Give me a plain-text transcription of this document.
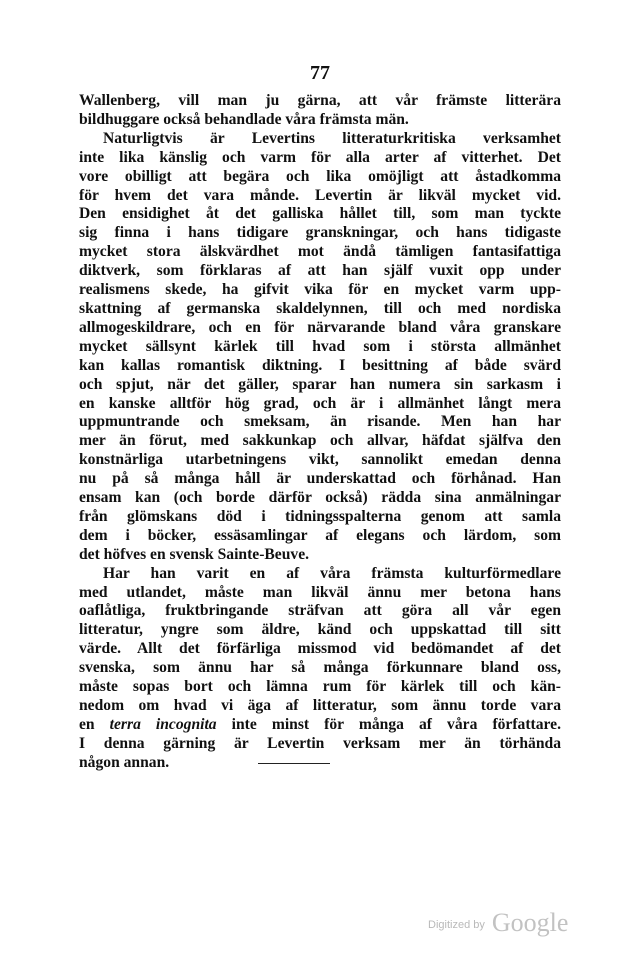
77
Wallenberg, vill man ju gärna, att vår främste litterära
bildhuggare också behandlade våra främsta män.
Naturligtvis är Levertins litteraturkritiska verksamhet
inte lika känslig och varm för alla arter af vitterhet. Det
vore obilligt att begära och lika omöjligt att åstadkomma
för hvem det vara månde. Levertin är likväl mycket vid.
Den ensidighet åt det galliska hållet till, som man tyckte
sig finna i hans tidigare granskningar, och hans tidigaste
mycket stora älskvärdhet mot ändå tämligen fantasifattiga
diktverk, som förklaras af att han själf vuxit opp under
realismens skede, ha gifvit vika för en mycket varm upp-
skattning af germanska skaldelynnen, till och med nordiska
allmogeskildrare, och en för närvarande bland våra granskare
mycket sällsynt kärlek till hvad som i största allmänhet
kan kallas romantisk diktning. I besittning af både svärd
och spjut, när det gäller, sparar han numera sin sarkasm i
en kanske alltför hög grad, och är i allmänhet långt mera
uppmuntrande och smeksam, än risande. Men han har
mer än förut, med sakkunkap och allvar, häfdat själfva den
konstnärliga utarbetningens vikt, sannolikt emedan denna
nu på så många håll är underskattad och förhånad. Han
ensam kan (och borde därför också) rädda sina anmälningar
från glömskans död i tidningsspalterna genom att samla
dem i böcker, essäsamlingar af elegans och lärdom, som
det höfves en svensk Sainte-Beuve.
Har han varit en af våra främsta kulturförmedlare
med utlandet, måste man likväl ännu mer betona hans
oaflåtliga, fruktbringande sträfvan att göra all vår egen
litteratur, yngre som äldre, känd och uppskattad till sitt
värde. Allt det förfärliga missmod vid bedömandet af det
svenska, som ännu har så många förkunnare bland oss,
måste sopas bort och lämna rum för kärlek till och kän-
nedom om hvad vi äga af litteratur, som ännu torde vara
en terra incognita inte minst för många af våra författare.
I denna gärning är Levertin verksam mer än törhända
någon annan.
Digitized by Google
